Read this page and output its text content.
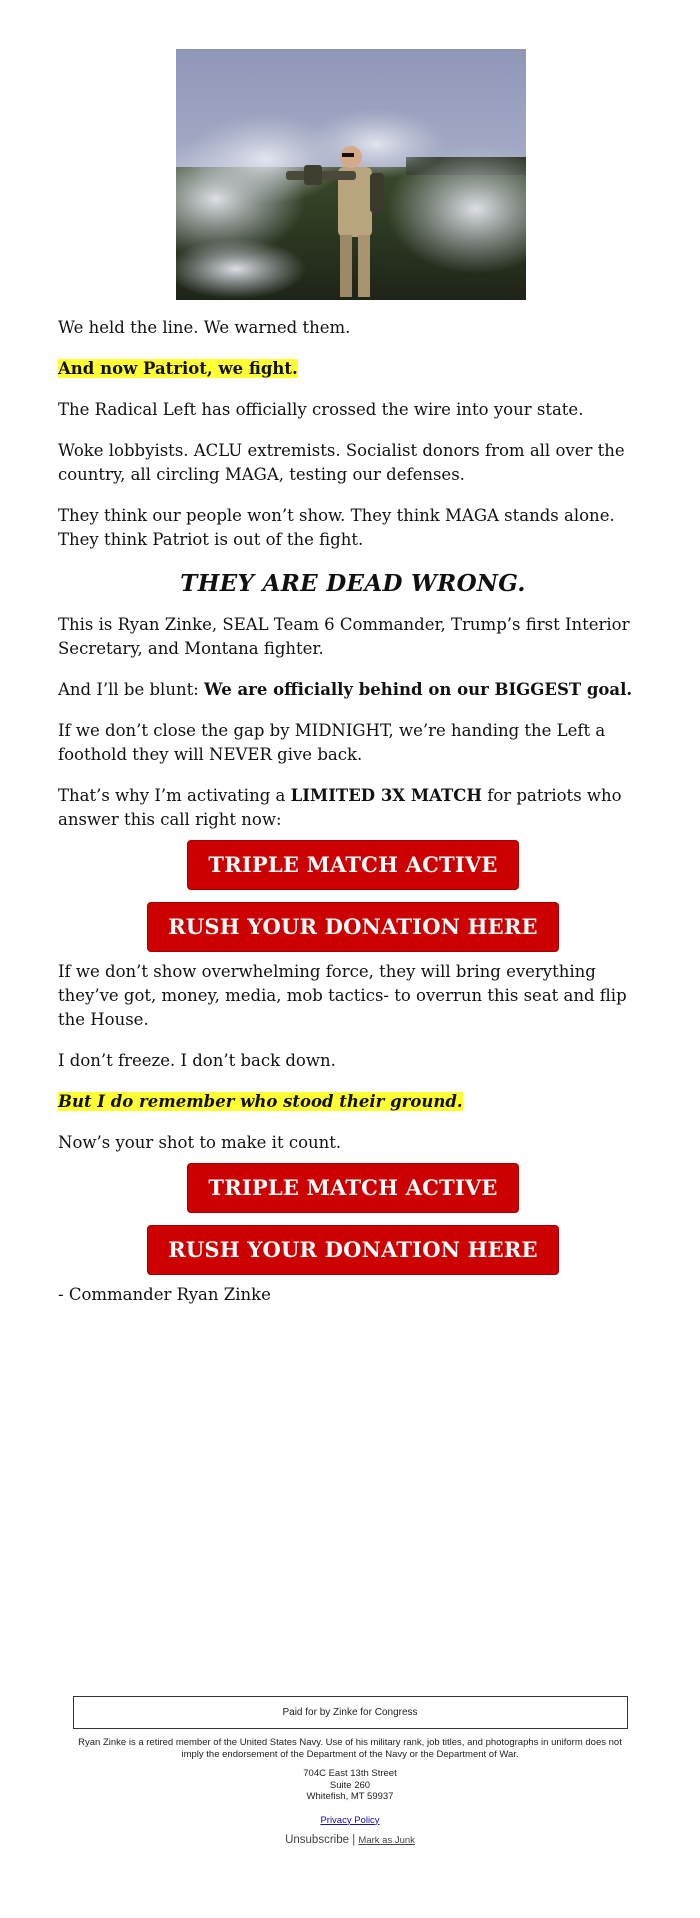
We held the line. We warned them.

And now Patriot, we fight.

The Radical Left has officially crossed the wire into your state.

Woke lobbyists. ACLU extremists. Socialist donors from all over the country, all circling MAGA, testing our defenses.

They think our people won’t show. They think MAGA stands alone. They think Patriot is out of the fight.

THEY ARE DEAD WRONG.

This is Ryan Zinke, SEAL Team 6 Commander, Trump’s first Interior Secretary, and Montana fighter.

And I’ll be blunt: We are officially behind on our BIGGEST goal.

If we don’t close the gap by MIDNIGHT, we’re handing the Left a foothold they will NEVER give back.

That’s why I’m activating a LIMITED 3X MATCH for patriots who answer this call right now:

TRIPLE MATCH ACTIVE
RUSH YOUR DONATION HERE

If we don’t show overwhelming force, they will bring everything they’ve got, money, media, mob tactics- to overrun this seat and flip the House.

I don’t freeze. I don’t back down.

But I do remember who stood their ground.

Now’s your shot to make it count.

TRIPLE MATCH ACTIVE
RUSH YOUR DONATION HERE

- Commander Ryan Zinke

Paid for by Zinke for Congress
Ryan Zinke is a retired member of the United States Navy. Use of his military rank, job titles, and photographs in uniform does not imply the endorsement of the Department of the Navy or the Department of War.
704C East 13th Street
Suite 260
Whitefish, MT 59937
Privacy Policy
Unsubscribe | Mark as Junk
